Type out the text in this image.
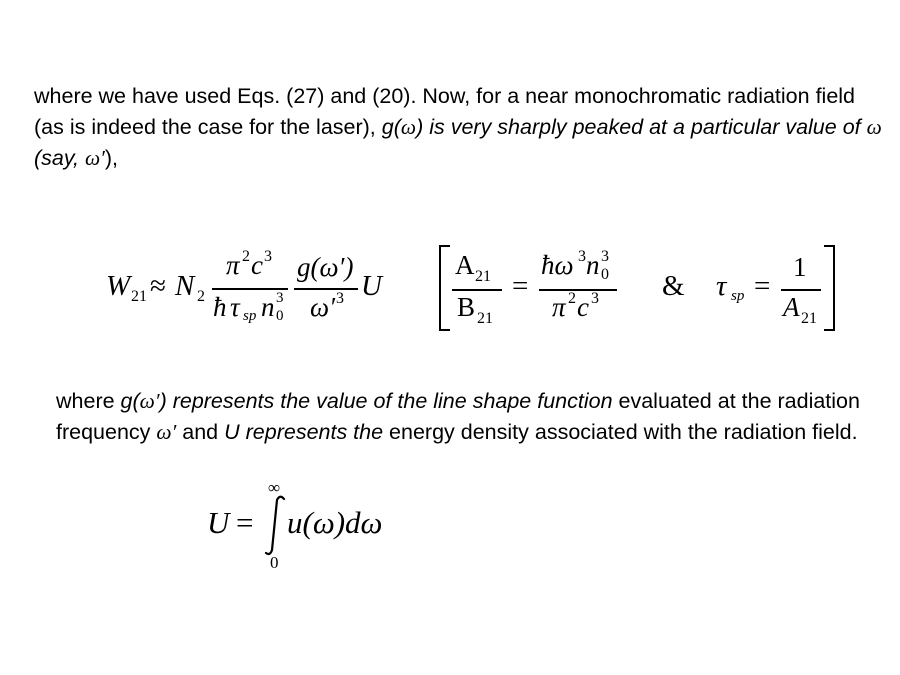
where we have used Eqs. (27) and (20). Now, for a near monochromatic radiation field (as is indeed the case for the laser), g(ω) is very sharply peaked at a particular value of ω (say, ω′),
W 21 ≈ N 2
π 2 c 3
ħ τ sp n 3
0
g(ω′)
ω′ 3 U
A 21
B 21
=
ħω 3 n 3
0
π 2 c 3 & τ sp =
1
A 21
where g(ω′) represents the value of the line shape function evaluated at the radiation frequency ω′ and U represents the energy density associated with the radiation field.
U =
∞
0
u(ω)dω
